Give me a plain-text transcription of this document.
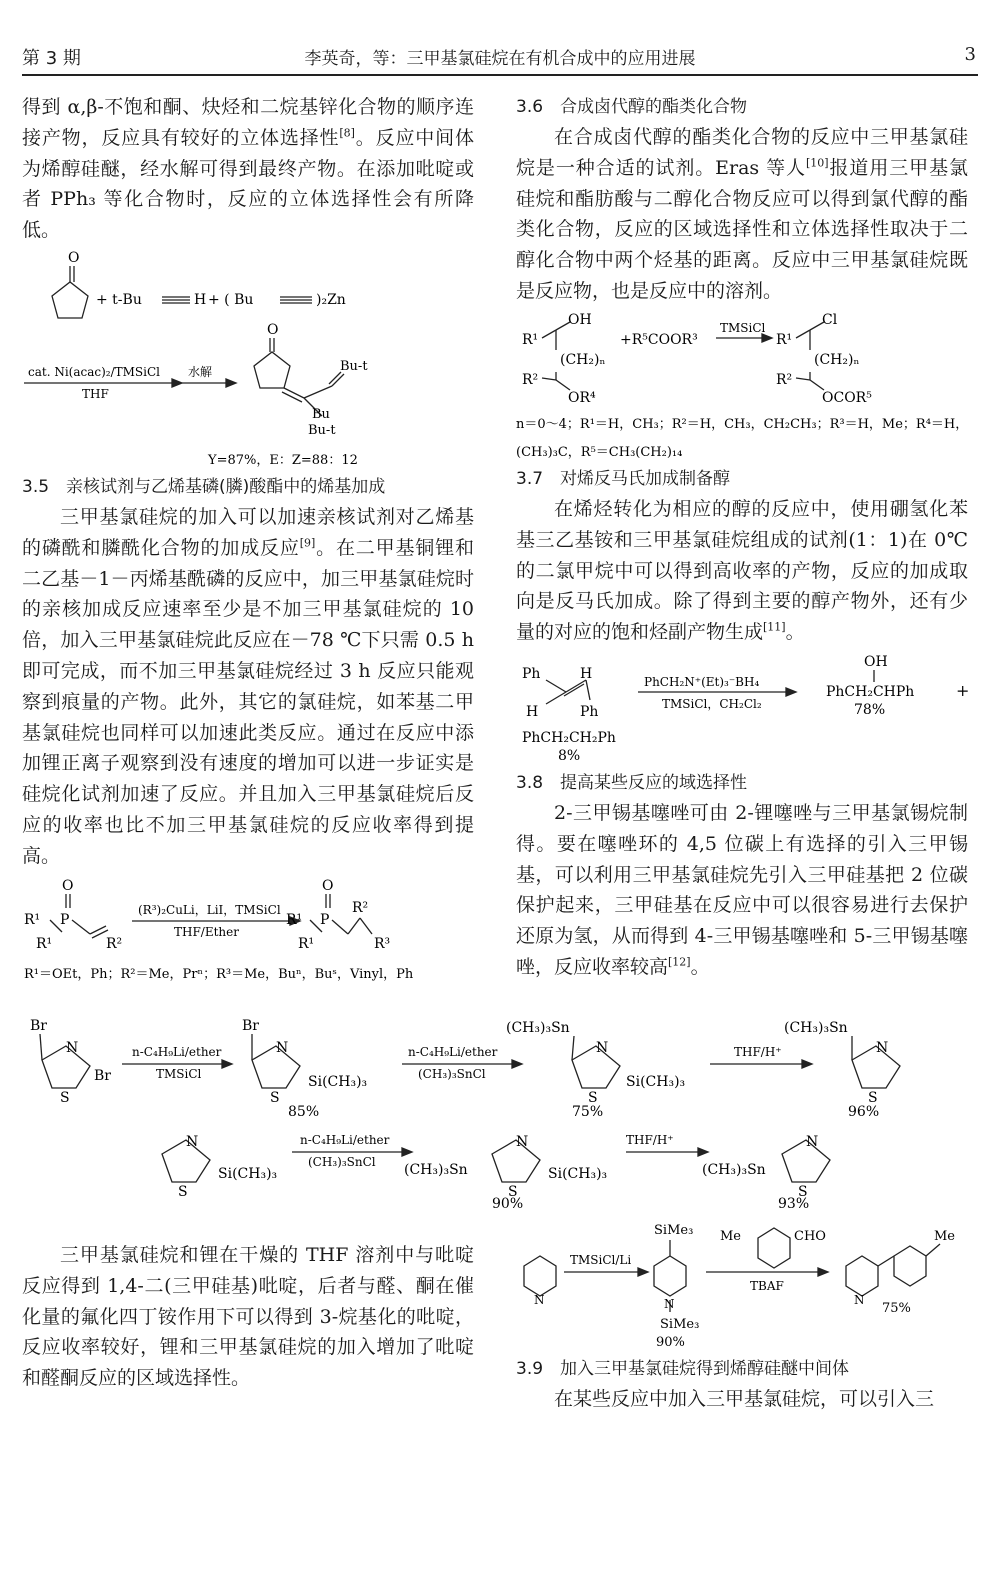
第 3 期	李英奇，等：三甲基氯硅烷在有机合成中的应用进展	3

得到 α,β-不饱和酮、炔烃和二烷基锌化合物的顺序连接产物，反应具有较好的立体选择性[8]。反应中间体为烯醇硅醚，经水解可得到最终产物。在添加吡啶或者 PPh₃ 等化合物时，反应的立体选择性会有所降低。

+ t-Bu
O
H + ( Bu	)₂Zn
cat. Ni(acac)₂/TMSiCl
THF
水解
O
Bu-t
Bu
Bu-t
Y=87%，E：Z=88：12

3.5　亲核试剂与乙烯基磷(膦)酸酯中的烯基加成

三甲基氯硅烷的加入可以加速亲核试剂对乙烯基的磷酰和膦酰化合物的加成反应[9]。在二甲基铜锂和二乙基－1－丙烯基酰磷的反应中，加三甲基氯硅烷时的亲核加成反应速率至少是不加三甲基氯硅烷的 10 倍，加入三甲基氯硅烷此反应在－78 ℃下只需 0.5 h 即可完成，而不加三甲基氯硅烷经过 3 h 反应只能观察到痕量的产物。此外，其它的氯硅烷，如苯基二甲基氯硅烷也同样可以加速此类反应。通过在反应中添加锂正离子观察到没有速度的增加可以进一步证实是硅烷化试剂加速了反应。并且加入三甲基氯硅烷后反应的收率也比不加三甲基氯硅烷的反应收率得到提高。

O
R¹ P
R¹	R²
(R³)₂CuLi，LiI，TMSiCl
THF/Ether
O
R¹ P
R¹
R²
R³
R¹＝OEt，Ph；R²＝Me，Prⁿ；R³＝Me，Buⁿ，Buˢ，Vinyl，Ph

3.6　合成卤代醇的酯类化合物

在合成卤代醇的酯类化合物的反应中三甲基氯硅烷是一种合适的试剂。Eras 等人[10]报道用三甲基氯硅烷和酯肪酸与二醇化合物反应可以得到氯代醇的酯类化合物，反应的区域选择性和立体选择性取决于二醇化合物中两个烃基的距离。反应中三甲基氯硅烷既是反应物，也是反应中的溶剂。

R¹
OH
(CH₂)ₙ
R²
OR⁴
+R⁵COOR³
TMSiCl
R¹
Cl
(CH₂)ₙ
R²
OCOR⁵
n＝0～4；R¹＝H，CH₃；R²＝H，CH₃，CH₂CH₃；R³＝H，Me；R⁴＝H，
(CH₃)₃C，R⁵＝CH₃(CH₂)₁₄

3.7　对烯反马氏加成制备醇

在烯烃转化为相应的醇的反应中，使用硼氢化苯基三乙基铵和三甲基氯硅烷组成的试剂(1：1)在 0℃的二氯甲烷中可以得到高收率的产物，反应的加成取向是反马氏加成。除了得到主要的醇产物外，还有少量的对应的饱和烃副产物生成[11]。

Ph	H
H	Ph
PhCH₂N⁺(Et)₃⁻BH₄
TMSiCl，CH₂Cl₂
OH
PhCH₂CHPh
78%
+
PhCH₂CH₂Ph
8%

3.8　提高某些反应的域选择性

2-三甲锡基噻唑可由 2-锂噻唑与三甲基氯锡烷制得。要在噻唑环的 4,5 位碳上有选择的引入三甲锡基，可以利用三甲基氯硅烷先引入三甲硅基把 2 位碳保护起来，三甲硅基在反应中可以很容易进行去保护还原为氢，从而得到 4-三甲锡基噻唑和 5-三甲锡基噻唑，反应收率较高[12]。

Br
N
Br
S
n-C₄H₉Li/ether
TMSiCl
Br
N
Si(CH₃)₃
S
85%
n-C₄H₉Li/ether
(CH₃)₃SnCl
(CH₃)₃Sn
N
Si(CH₃)₃
S
75%
THF/H⁺
(CH₃)₃Sn
N
S
96%
N
Si(CH₃)₃
S
n-C₄H₉Li/ether
(CH₃)₃SnCl (CH₃)₃Sn
N
Si(CH₃)₃
S
90%
THF/H⁺
(CH₃)₃Sn
N
S
93%

三甲基氯硅烷和锂在干燥的 THF 溶剂中与吡啶反应得到 1,4-二(三甲硅基)吡啶，后者与醛、酮在催化量的氟化四丁铵作用下可以得到 3-烷基化的吡啶，反应收率较好，锂和三甲基氯硅烷的加入增加了吡啶和醛酮反应的区域选择性。

N
TMSiCl/Li
SiMe₃
N
SiMe₃
90%
Me	CHO
TBAF
N
Me
75%

3.9　加入三甲基氯硅烷得到烯醇硅醚中间体

在某些反应中加入三甲基氯硅烷，可以引入三
